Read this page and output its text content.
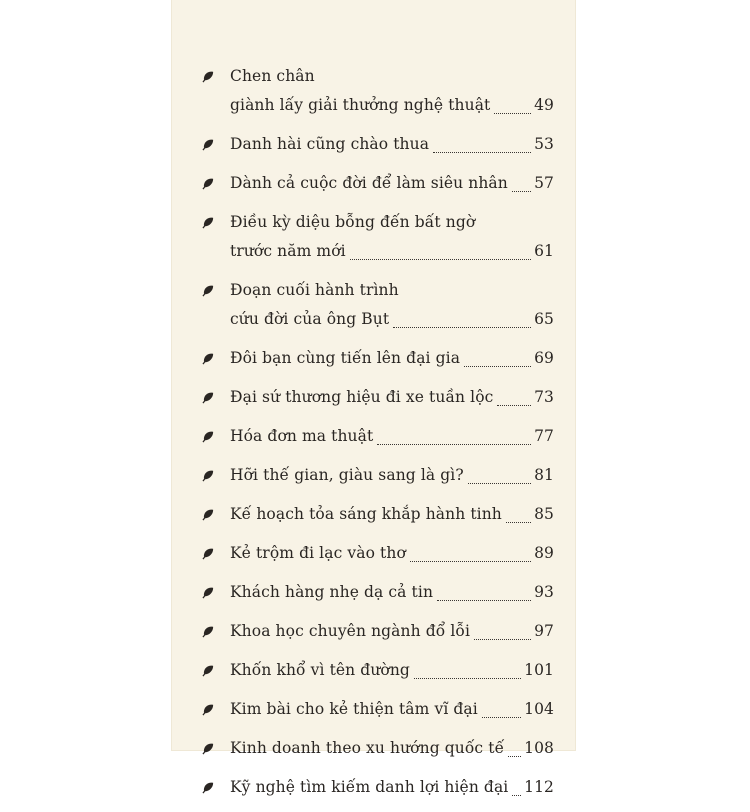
Chen chân
giành lấy giải thưởng nghệ thuật	49
Danh hài cũng chào thua	53
Dành cả cuộc đời để làm siêu nhân 57
Điều kỳ diệu bỗng đến bất ngờ
trước năm mới	61
Đoạn cuối hành trình
cứu đời của ông Bụt	65
Đôi bạn cùng tiến lên đại gia	69
Đại sứ thương hiệu đi xe tuần lộc	73
Hóa đơn ma thuật	77
Hỡi thế gian, giàu sang là gì?	81
Kế hoạch tỏa sáng khắp hành tinh 85
Kẻ trộm đi lạc vào thơ	89
Khách hàng nhẹ dạ cả tin	93
Khoa học chuyên ngành đổ lỗi	97
Khốn khổ vì tên đường	101
Kim bài cho kẻ thiện tâm vĩ đại	104
Kinh doanh theo xu hướng quốc tế 108
Kỹ nghệ tìm kiếm danh lợi hiện đại 112
